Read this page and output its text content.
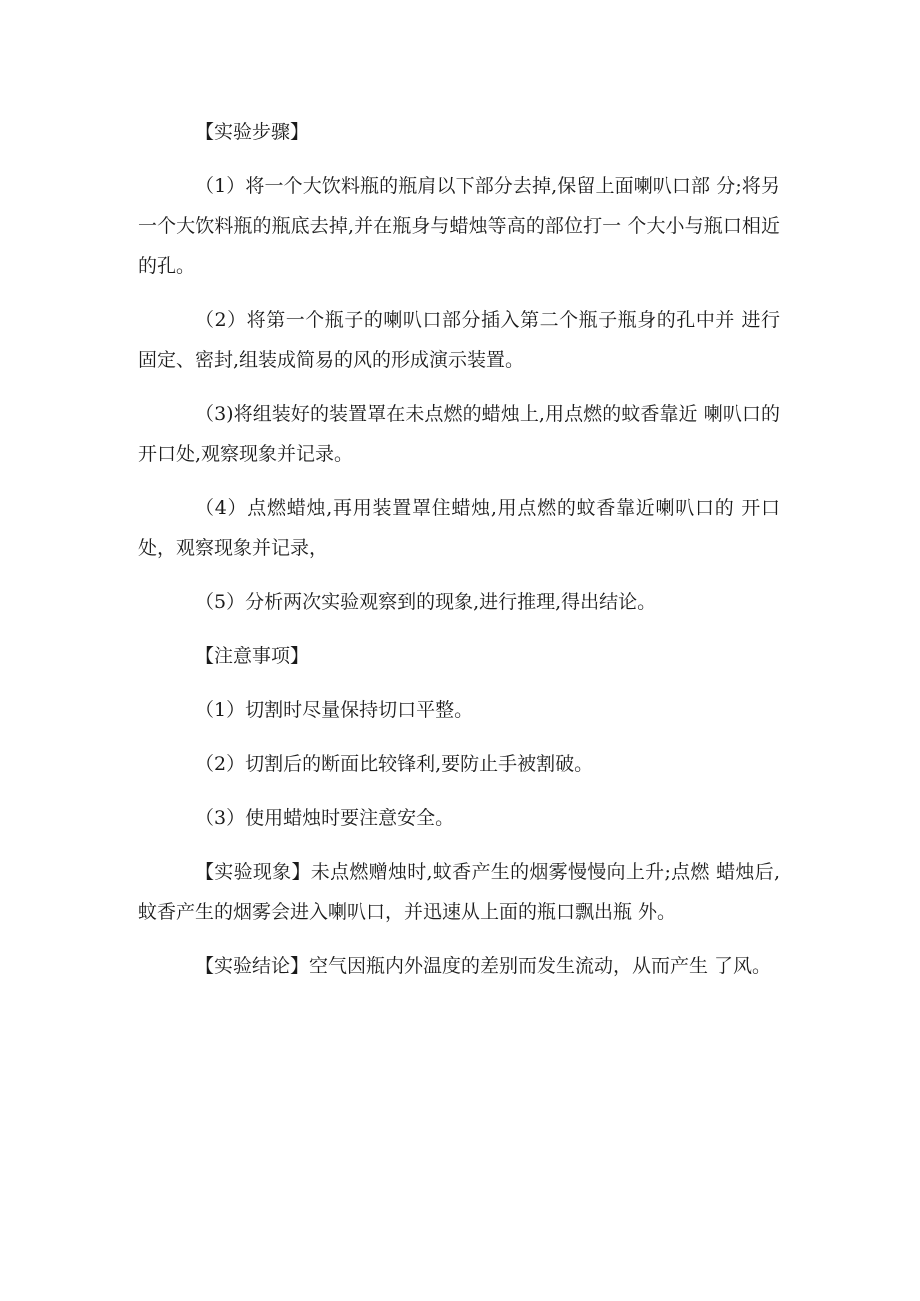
【实验步骤】

（1）将一个大饮料瓶的瓶肩以下部分去掉,保留上面喇叭口部 分;将另一个大饮料瓶的瓶底去掉,并在瓶身与蜡烛等高的部位打一 个大小与瓶口相近的孔。

（2）将第一个瓶子的喇叭口部分插入第二个瓶子瓶身的孔中并 进行固定、密封,组装成简易的风的形成演示装置。

（3)将组装好的装置罩在未点燃的蜡烛上,用点燃的蚊香靠近 喇叭口的开口处,观察现象并记录。

（4）点燃蜡烛,再用装置罩住蜡烛,用点燃的蚊香靠近喇叭口的 开口处，观察现象并记录，

（5）分析两次实验观察到的现象,进行推理,得出结论。

【注意事项】

（1）切割时尽量保持切口平整。

（2）切割后的断面比较锋利,要防止手被割破。

（3）使用蜡烛时要注意安全。

【实验现象】未点燃赠烛时,蚊香产生的烟雾慢慢向上升;点燃 蜡烛后,蚊香产生的烟雾会进入喇叭口，并迅速从上面的瓶口飘出瓶 外。

【实验结论】空气因瓶内外温度的差别而发生流动，从而产生 了风。
